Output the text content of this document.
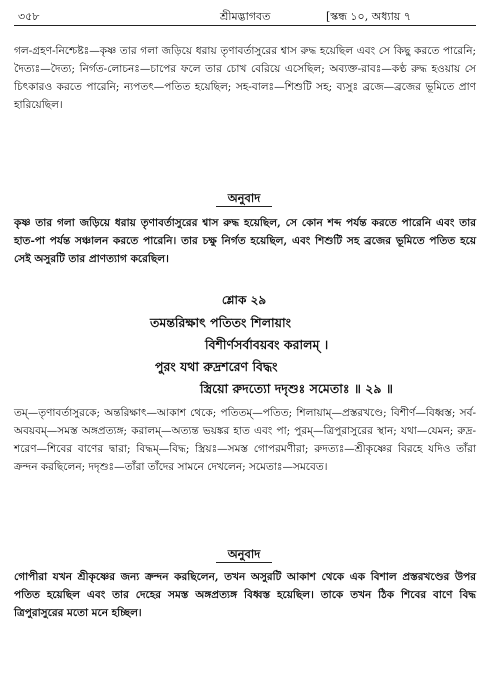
৩৫৮	শ্রীমদ্ভাগবত	[স্কন্ধ ১০, অধ্যায় ৭
গল-গ্রহণ-নিশ্চেষ্টঃ—কৃষ্ণ তার গলা জড়িয়ে ধরায় তৃণাবর্তাসুরের শ্বাস রুদ্ধ হয়েছিল এবং সে কিছু করতে পারেনি; দৈত্যঃ—দৈত্য; নির্গত-লোচনঃ—চাপের ফলে তার চোখ বেরিয়ে এসেছিল; অব্যক্ত-রাবঃ—কণ্ঠ রুদ্ধ হওয়ায় সে চিৎকারও করতে পারেনি; ন্যপতৎ—পতিত হয়েছিল; সহ-বালঃ—শিশুটি সহ; ব্যসুঃ ব্রজে—ব্রজের ভূমিতে প্রাণ হারিয়েছিল।
অনুবাদ
কৃষ্ণ তার গলা জড়িয়ে ধরায় তৃণাবর্তাসুরের শ্বাস রুদ্ধ হয়েছিল, সে কোন শব্দ পর্যন্ত করতে পারেনি এবং তার হাত-পা পর্যন্ত সঞ্চালন করতে পারেনি। তার চক্ষু নির্গত হয়েছিল, এবং শিশুটি সহ ব্রজের ভূমিতে পতিত হয়ে সেই অসুরটি তার প্রাণত্যাগ করেছিল।
শ্লোক ২৯
তমন্তরিক্ষাৎ পতিতং শিলায়াং
বিশীর্ণসর্বাবয়বং করালম্ ।
পুরং যথা রুদ্রশরেণ বিদ্ধং
স্ত্রিয়ো রুদত্যো দদৃশুঃ সমেতাঃ ॥ ২৯ ॥
তম্—তৃণাবর্তাসুরকে; অন্তরিক্ষাৎ—আকাশ থেকে; পতিতম্—পতিত; শিলায়াম্—প্রস্তরখণ্ডে; বিশীর্ণ—বিধ্বস্ত; সর্ব-অবয়বম্—সমস্ত অঙ্গপ্রত্যঙ্গ; করালম্—অত্যন্ত ভয়ঙ্কর হাত এবং পা; পুরম্—ত্রিপুরাসুরের স্থান; যথা—যেমন; রুদ্র-শরেণ—শিবের বাণের দ্বারা; বিদ্ধম্—বিদ্ধ; স্ত্রিয়ঃ—সমস্ত গোপরমণীরা; রুদত্যঃ—শ্রীকৃষ্ণের বিরহে যদিও তাঁরা ক্রন্দন করছিলেন; দদৃশুঃ—তাঁরা তাঁদের সামনে দেখলেন; সমেতাঃ—সমবেত।
অনুবাদ
গোপীরা যখন শ্রীকৃষ্ণের জন্য ক্রন্দন করছিলেন, তখন অসুরটি আকাশ থেকে এক বিশাল প্রস্তরখণ্ডের উপর পতিত হয়েছিল এবং তার দেহের সমস্ত অঙ্গপ্রত্যঙ্গ বিধ্বস্ত হয়েছিল। তাকে তখন ঠিক শিবের বাণে বিদ্ধ ত্রিপুরাসুরের মতো মনে হচ্ছিল।
